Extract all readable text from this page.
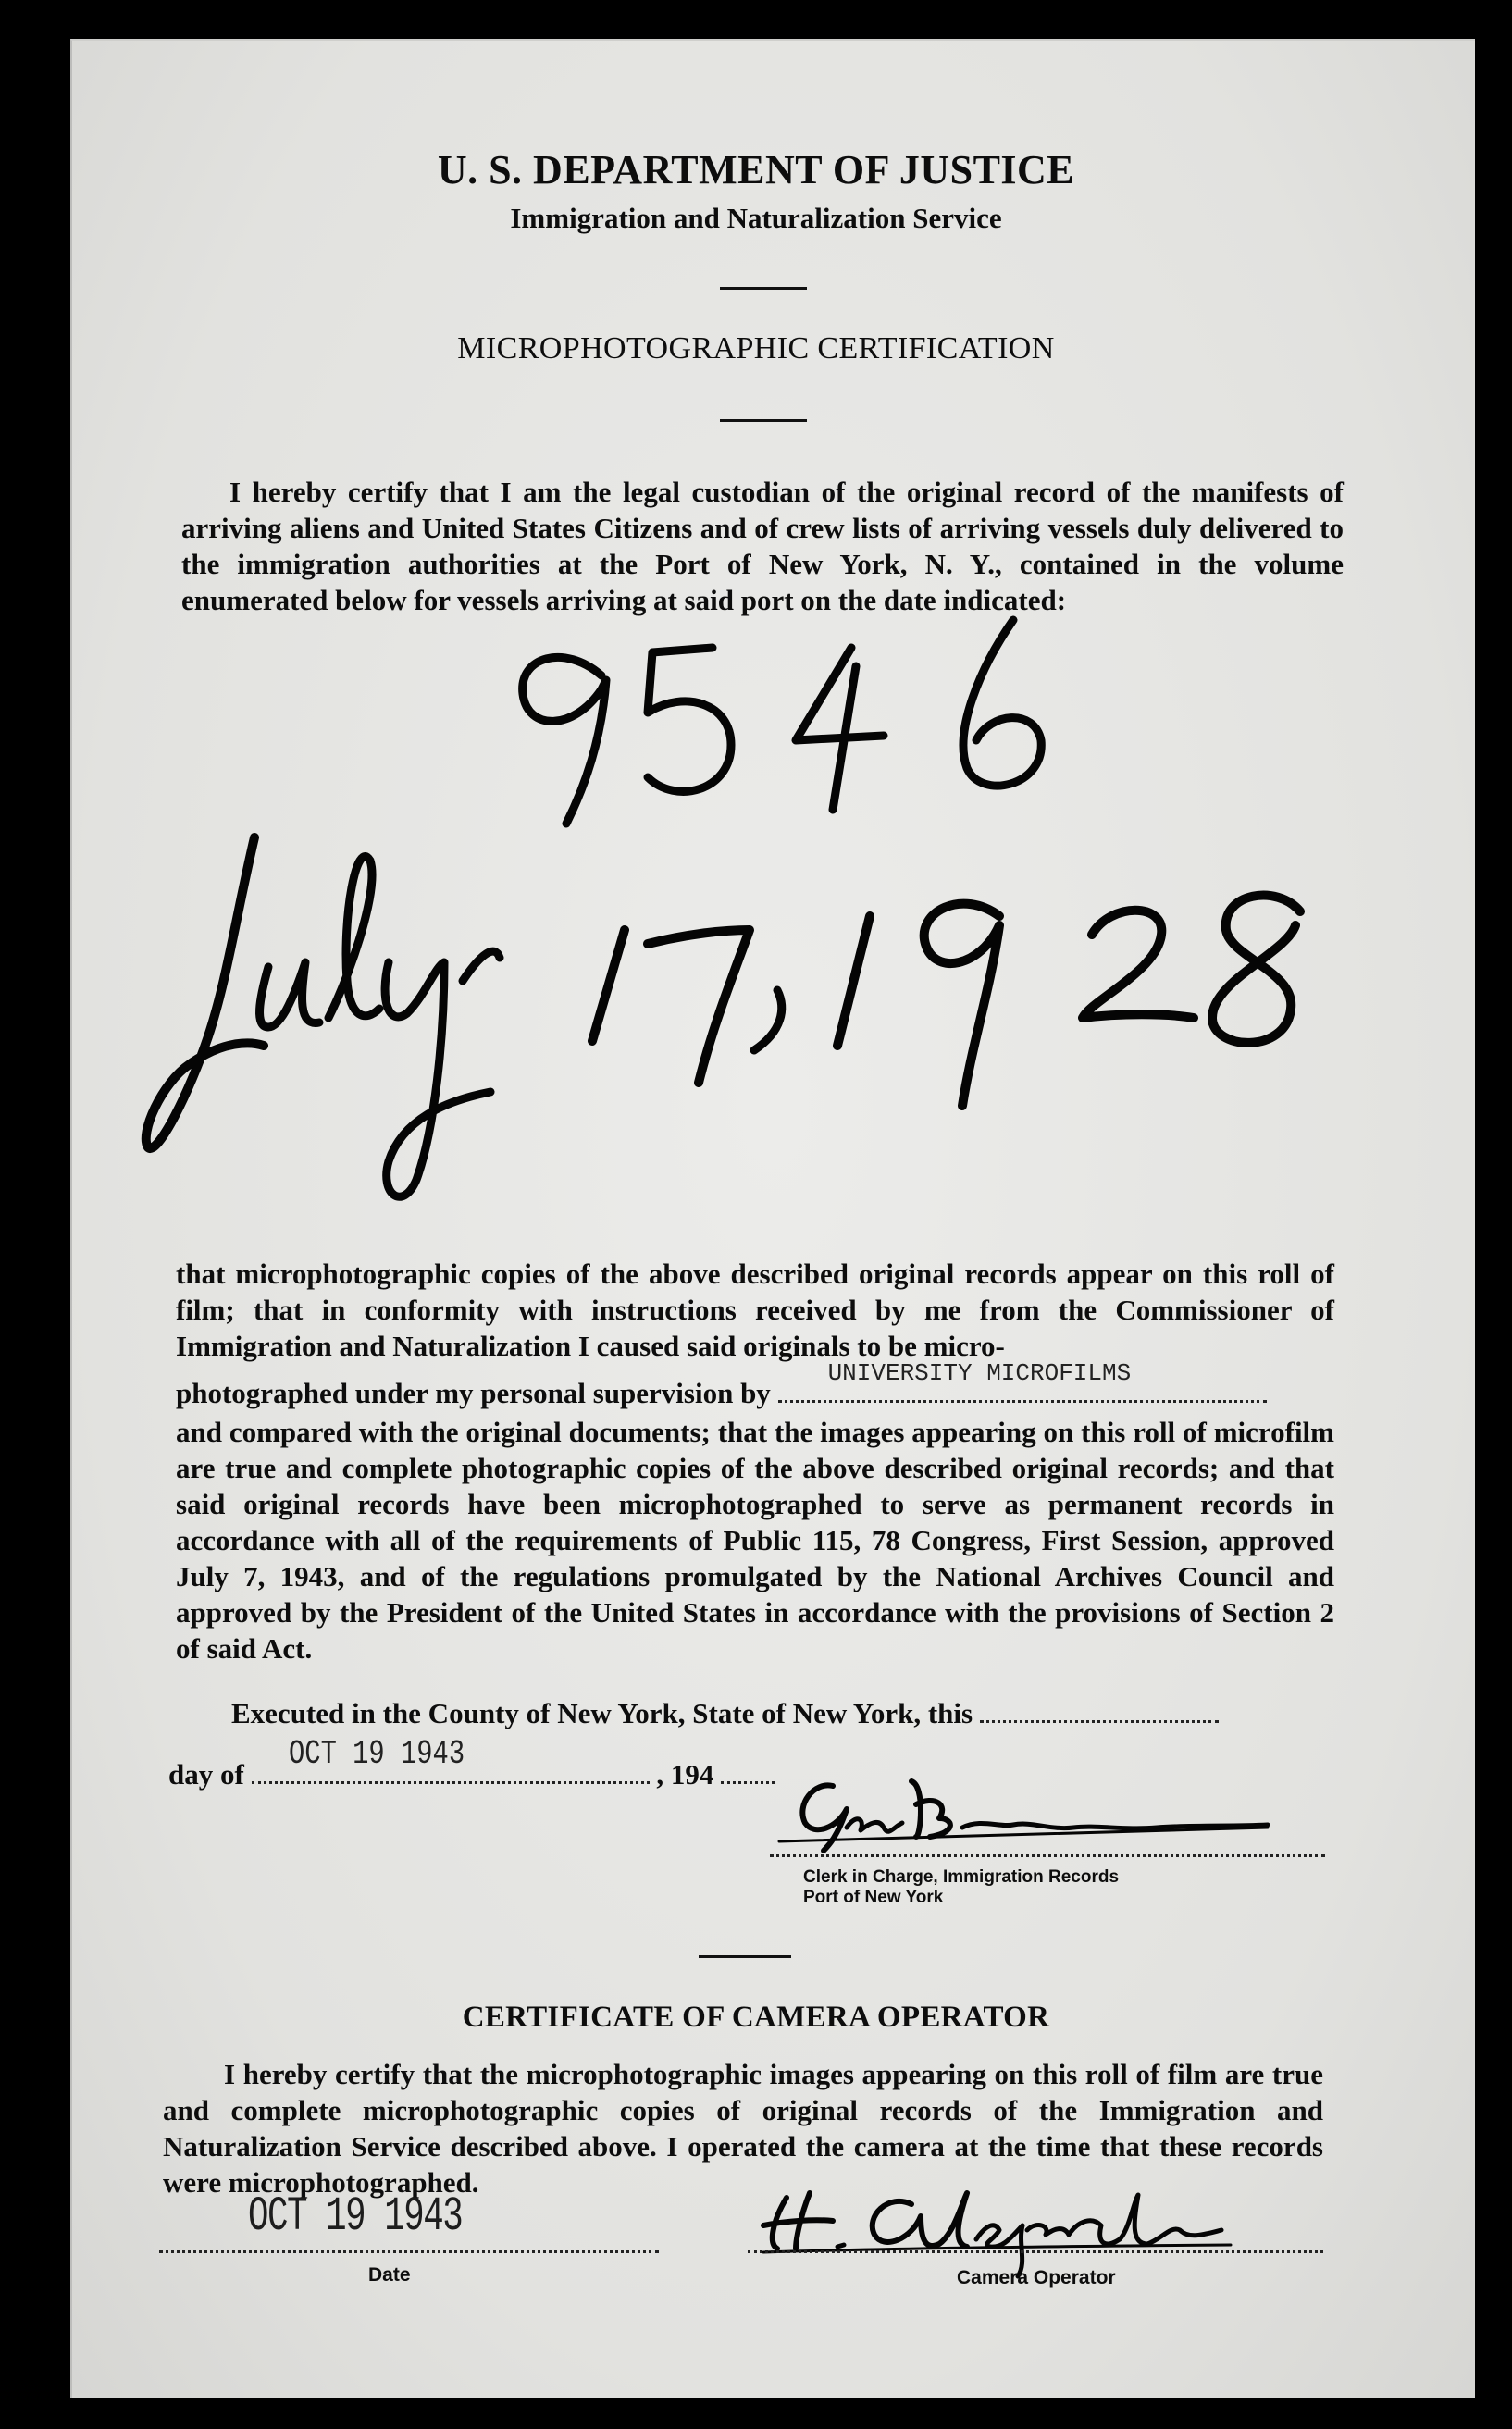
U. S. DEPARTMENT OF JUSTICE
Immigration and Naturalization Service
MICROPHOTOGRAPHIC CERTIFICATION
I hereby certify that I am the legal custodian of the original record of the manifests of arriving aliens and United States Citizens and of crew lists of arriving vessels duly delivered to the immigration authorities at the Port of New York, N. Y., contained in the volume enumerated below for vessels arriving at said port on the date indicated:
that microphotographic copies of the above described original records appear on this roll of film; that in conformity with instructions received by me from the Commissioner of Immigration and Naturalization I caused said originals to be micro-
photographed under my personal supervision by
UNIVERSITY MICROFILMS
and compared with the original documents; that the images appearing on this roll of microfilm are true and complete photographic copies of the above described original records; and that said original records have been microphotographed to serve as permanent records in accordance with all of the requirements of Public 115, 78 Congress, First Session, approved July 7, 1943, and of the regulations promulgated by the National Archives Council and approved by the President of the United States in accordance with the provisions of Section 2 of said Act.
Executed in the County of New York, State of New York, this
day of
OCT 19 1943
, 194
Clerk in Charge, Immigration Records
Port of New York
CERTIFICATE OF CAMERA OPERATOR
I hereby certify that the microphotographic images appearing on this roll of film are true and complete microphotographic copies of original records of the Immigration and Naturalization Service described above. I operated the camera at the time that these records were microphotographed.
OCT 19 1943
Date	Camera Operator
